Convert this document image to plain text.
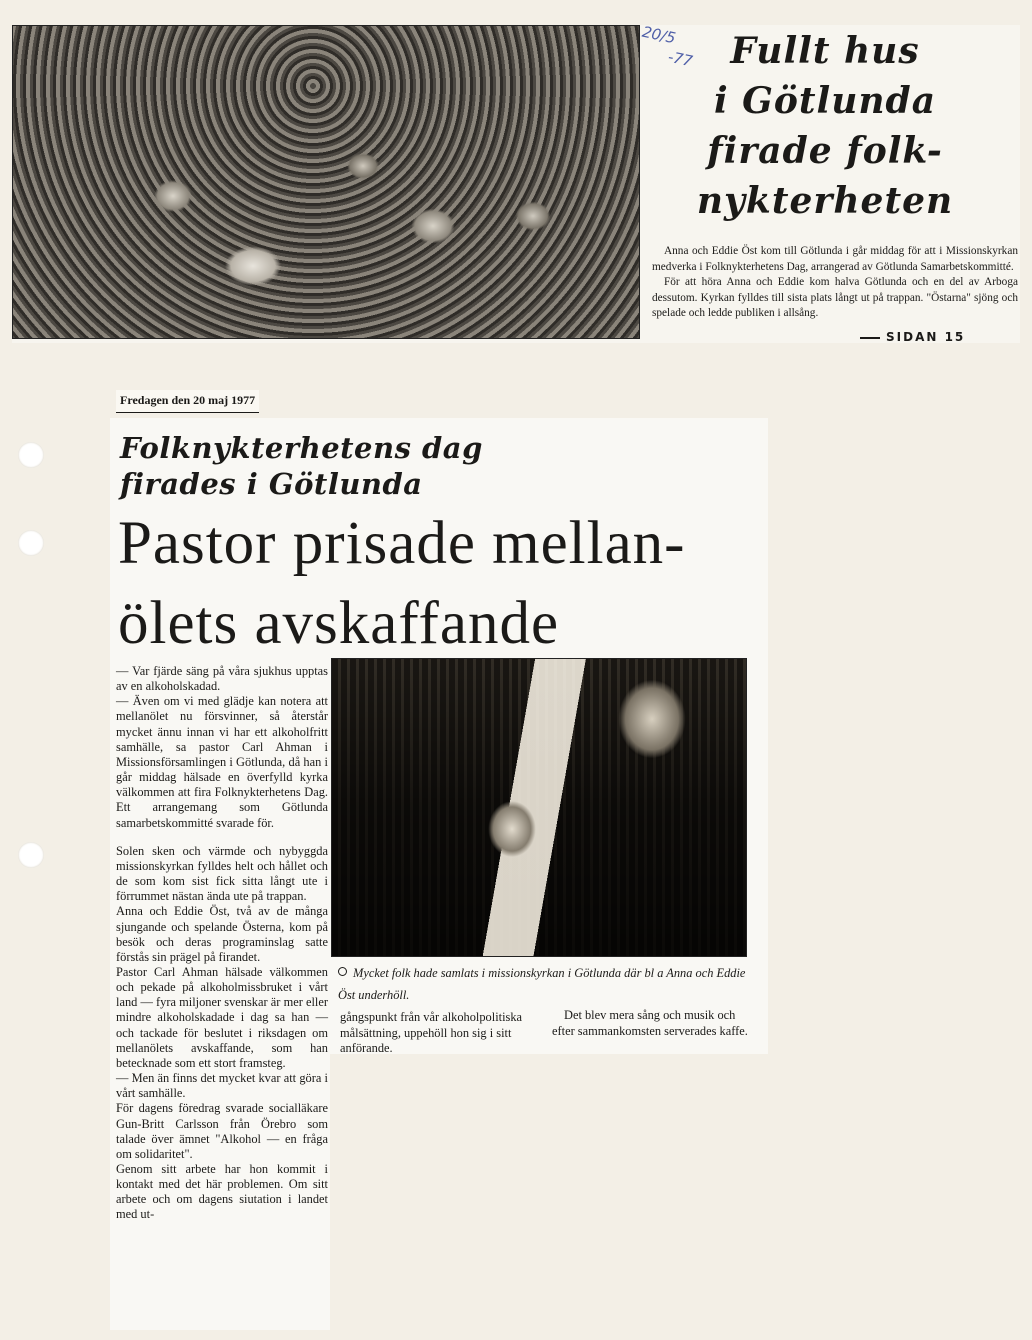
20/5
-77	Fullt hus
i Götlunda
firade folk-
nykterheten

Anna och Eddie Öst kom till Götlunda i går middag för att i Missionskyrkan medverka i Folknykterhetens Dag, arrangerad av Götlunda Samarbetskommitté.

För att höra Anna och Eddie kom halva Götlunda och en del av Arboga dessutom. Kyrkan fylldes till sista plats långt ut på trappan. "Östarna" sjöng och spelade och ledde publiken i allsång.

SIDAN 15
Fredagen den 20 maj 1977
Folknykterhetens dag
firades i Götlunda
Pastor prisade mellan-
ölets avskaffande

— Var fjärde säng på våra sjukhus upptas av en alkoholskadad.

— Även om vi med glädje kan notera att mellanölet nu försvinner, så återstår mycket ännu innan vi har ett alkoholfritt samhälle, sa pastor Carl Ahman i Missionsförsamlingen i Götlunda, då han i går middag hälsade en överfylld kyrka välkommen att fira Folknykterhetens Dag. Ett arrangemang som Götlunda samarbetskommitté svarade för.

Solen sken och värmde och nybyggda missionskyrkan fylldes helt och hållet och de som kom sist fick sitta långt ute i förrummet nästan ända ute på trappan.

Anna och Eddie Öst, två av de många sjungande och spelande Österna, kom på besök och deras programinslag satte förstås sin prägel på firandet.

Pastor Carl Ahman hälsade välkommen och pekade på alkoholmissbruket i vårt land — fyra miljoner svenskar är mer eller mindre alkoholskadade i dag sa han — och tackade för beslutet i riksdagen om mellanölets avskaffande, som han betecknade som ett stort framsteg.

— Men än finns det mycket kvar att göra i vårt samhälle.

För dagens föredrag svarade socialläkare Gun-Britt Carlsson från Örebro som talade över ämnet "Alkohol — en fråga om solidaritet".

Genom sitt arbete har hon kommit i kontakt med det här problemen. Om sitt arbete och om dagens siutation i landet med ut-

Mycket folk hade samlats i missionskyrkan i Götlunda där bl a Anna och Eddie Öst underhöll.

gångspunkt från vår alkoholpolitiska målsättning, uppehöll hon sig i sitt anförande.

Det blev mera sång och musik och efter sammankomsten serverades kaffe.
